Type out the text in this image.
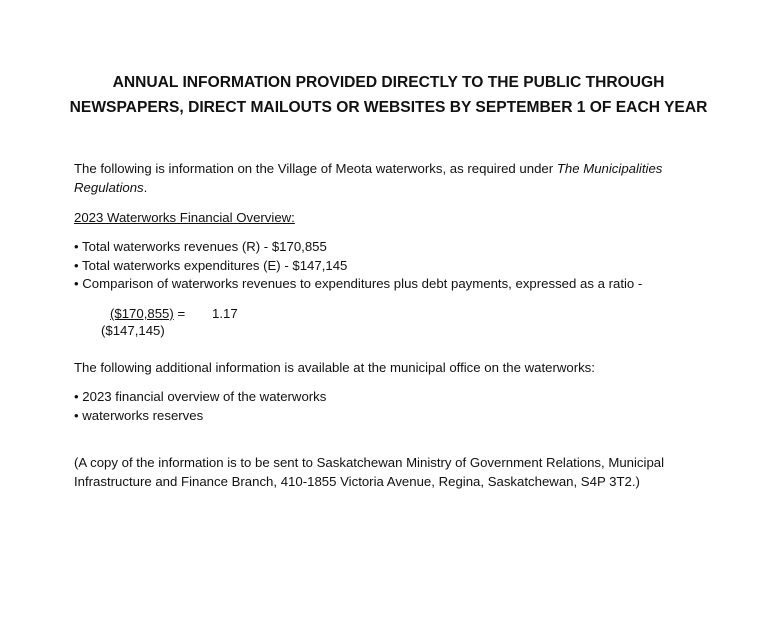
ANNUAL INFORMATION PROVIDED DIRECTLY TO THE PUBLIC THROUGH
NEWSPAPERS, DIRECT MAILOUTS OR WEBSITES BY SEPTEMBER 1 OF EACH YEAR
The following is information on the Village of Meota waterworks, as required under The Municipalities Regulations.
2023 Waterworks Financial Overview:
• Total waterworks revenues (R) - $170,855
• Total waterworks expenditures (E) - $147,145
• Comparison of waterworks revenues to expenditures plus debt payments, expressed as a ratio -
($170,855) = 1.17
($147,145)
The following additional information is available at the municipal office on the waterworks:
• 2023 financial overview of the waterworks
• waterworks reserves
(A copy of the information is to be sent to Saskatchewan Ministry of Government Relations, Municipal Infrastructure and Finance Branch, 410-1855 Victoria Avenue, Regina, Saskatchewan, S4P 3T2.)
